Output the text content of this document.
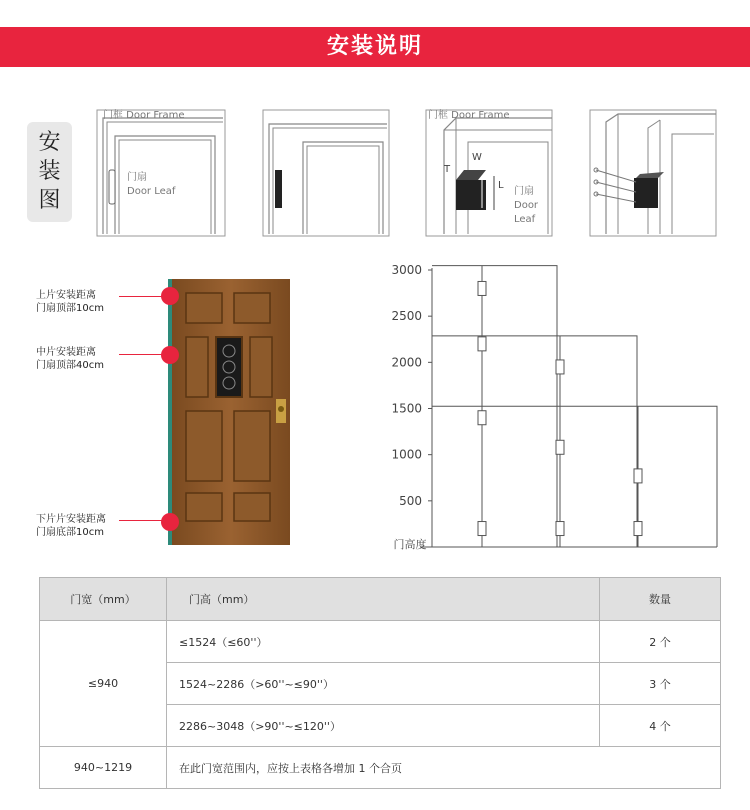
安装说明
安
装
图
门框 Door Frame
门扇
Door Leaf
门框 Door Frame
T
W
L
门扇
Door
Leaf
上片安装距离
门扇顶部10cm
中片安装距离
门扇顶部40cm
下片片安装距离
门扇底部10cm
3000
2500
2000
1500
1000
500
门高度
门宽（mm）	门高（mm）	数量
≤940	≤1524（≤60''）	2 个
	1524~2286（>60''~≤90''）	3 个
	2286~3048（>90''~≤120''）	4 个
940~1219	在此门宽范围内，应按上表格各增加 1 个合页	
